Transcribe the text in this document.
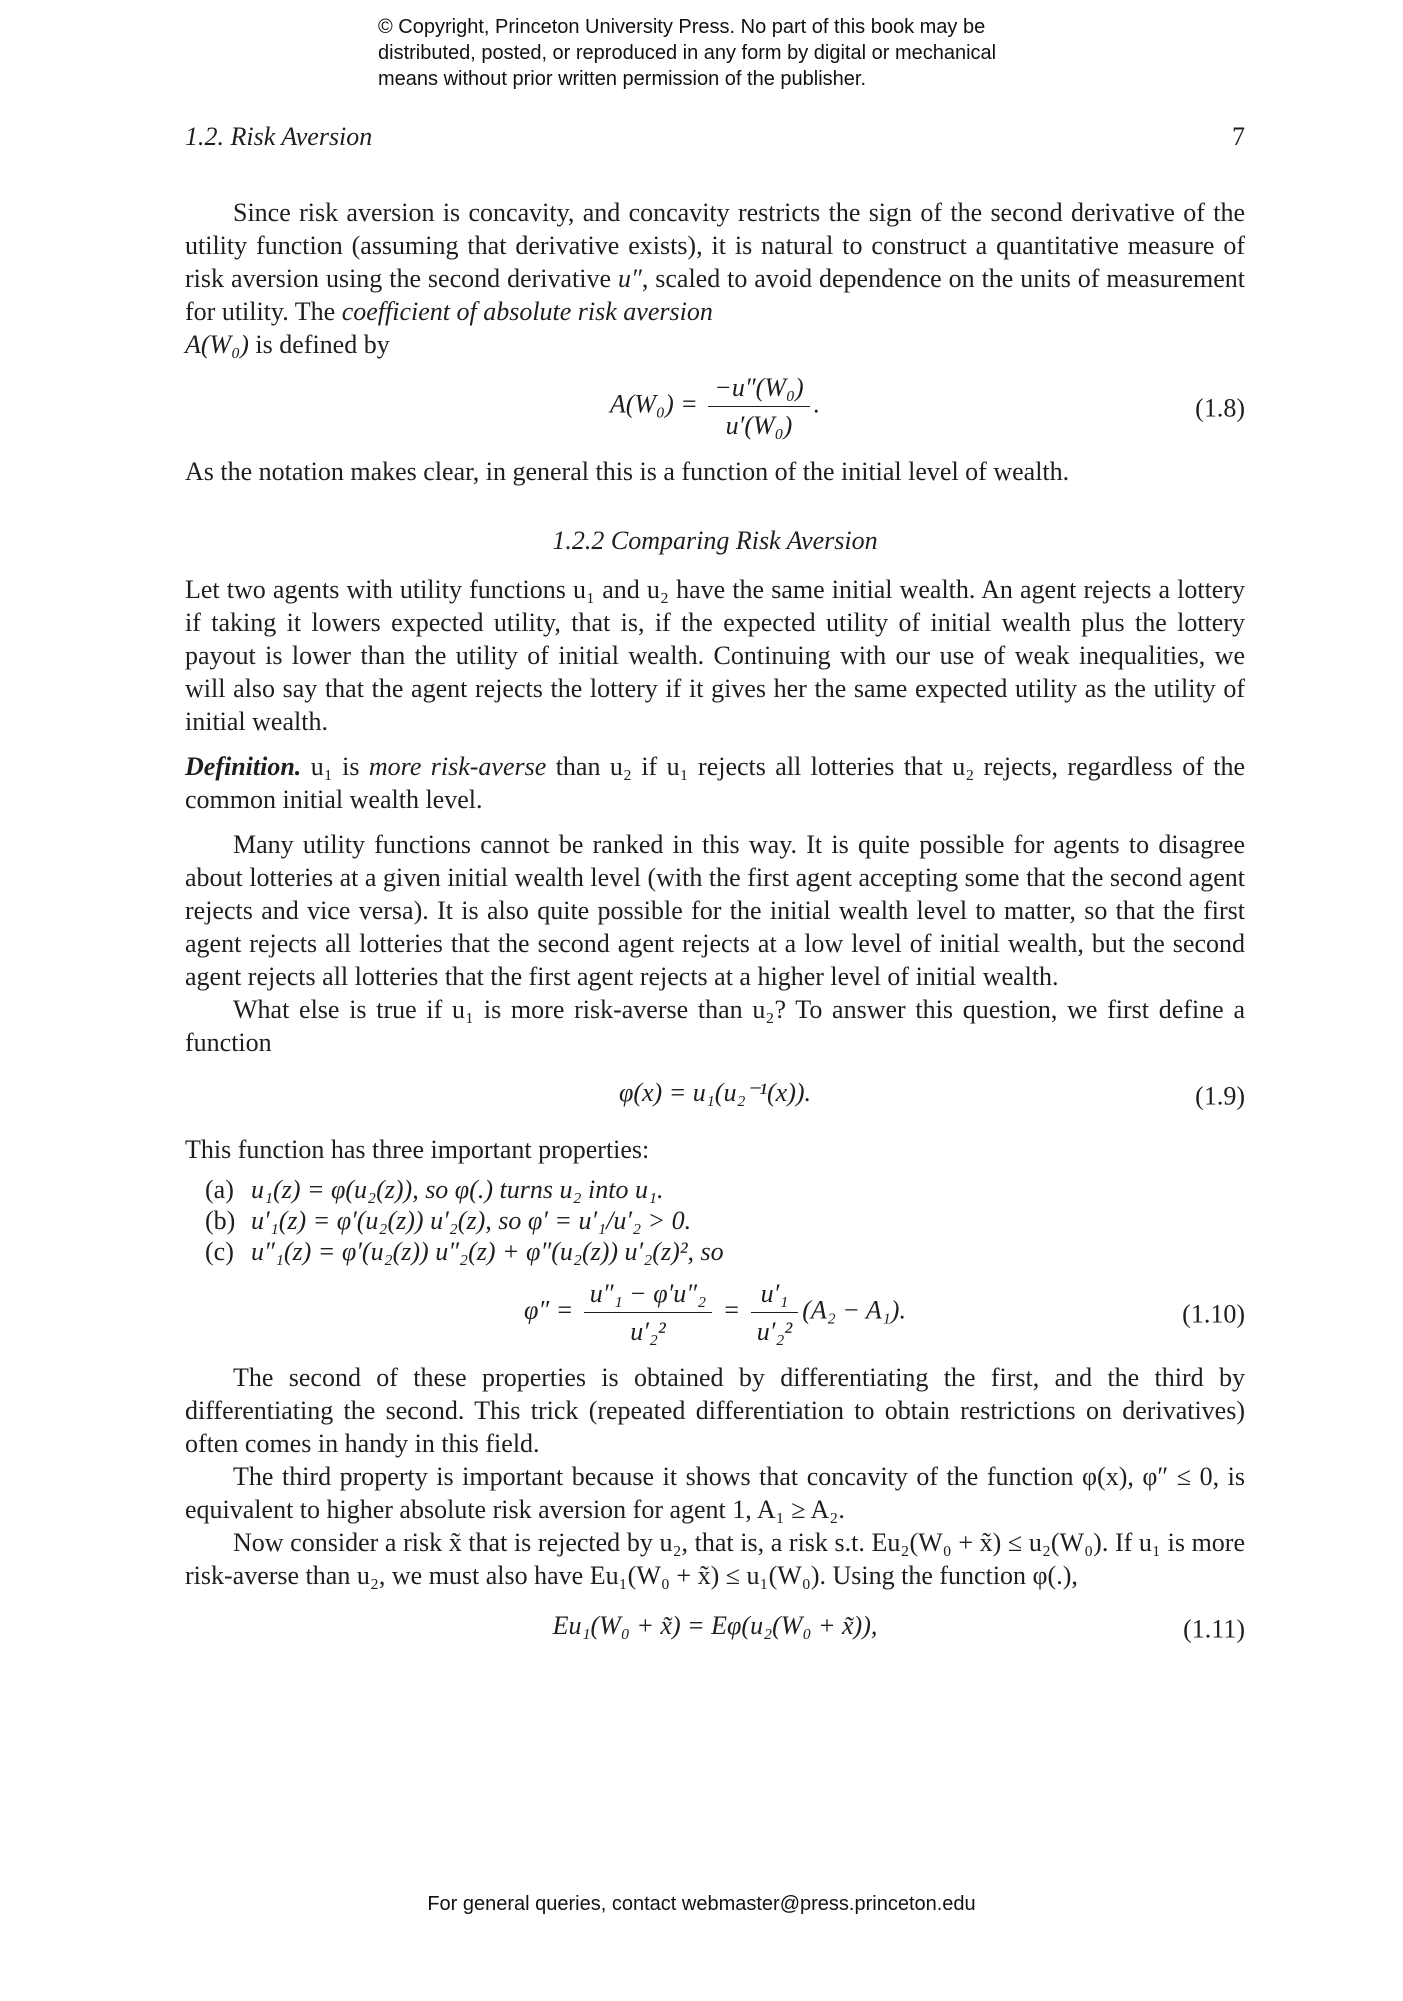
© Copyright, Princeton University Press. No part of this book may be
distributed, posted, or reproduced in any form by digital or mechanical
means without prior written permission of the publisher.
1.2. Risk Aversion	7

Since risk aversion is concavity, and concavity restricts the sign of the second derivative of the utility function (assuming that derivative exists), it is natural to construct a quantitative measure of risk aversion using the second derivative u″, scaled to avoid dependence on the units of measurement for utility. The coefficient of absolute risk aversion
A(W₀) is defined by

$A(W_0) = \frac{\text{−u″(W₀)}}{\text{u′(W₀)}}$ .	(1.8)

As the notation makes clear, in general this is a function of the initial level of wealth.

1.2.2 Comparing Risk Aversion

Let two agents with utility functions u₁ and u₂ have the same initial wealth. An agent rejects a lottery if taking it lowers expected utility, that is, if the expected utility of initial wealth plus the lottery payout is lower than the utility of initial wealth. Continuing with our use of weak inequalities, we will also say that the agent rejects the lottery if it gives her the same expected utility as the utility of initial wealth.

Definition. u₁ is more risk-averse than u₂ if u₁ rejects all lotteries that u₂ rejects, regardless of the common initial wealth level.

Many utility functions cannot be ranked in this way. It is quite possible for agents to disagree about lotteries at a given initial wealth level (with the first agent accepting some that the second agent rejects and vice versa). It is also quite possible for the initial wealth level to matter, so that the first agent rejects all lotteries that the second agent rejects at a low level of initial wealth, but the second agent rejects all lotteries that the first agent rejects at a higher level of initial wealth.

What else is true if u₁ is more risk-averse than u₂? To answer this question, we first define a function

φ(x) = u₁(u₂⁻¹(x)).	(1.9)

This function has three important properties:

(a) u₁(z) = φ(u₂(z)), so φ(.) turns u₂ into u₁.
(b) u′₁(z) = φ′(u₂(z)) u′₂(z), so φ′ = u′₁/u′₂ > 0.
(c) u″₁(z) = φ′(u₂(z)) u″₂(z) + φ″(u₂(z)) u′₂(z)², so
$\varphi'' = \frac{\text{u″₁ − φ′u″₂}}{\text{u′₂²}} = \frac{\text{u′₁}}{\text{u′₂²}} (A_2 - A_1)$.	(1.10)

The second of these properties is obtained by differentiating the first, and the third by differentiating the second. This trick (repeated differentiation to obtain restrictions on derivatives) often comes in handy in this field.

The third property is important because it shows that concavity of the function φ(x), φ″ ≤ 0, is equivalent to higher absolute risk aversion for agent 1, A₁ ≥ A₂.

Now consider a risk x̃ that is rejected by u₂, that is, a risk s.t. Eu₂(W₀ + x̃) ≤ u₂(W₀). If u₁ is more risk-averse than u₂, we must also have Eu₁(W₀ + x̃) ≤ u₁(W₀). Using the function φ(.),

Eu₁(W₀ + x̃) = Eφ(u₂(W₀ + x̃)),	(1.11)
For general queries, contact webmaster@press.princeton.edu
